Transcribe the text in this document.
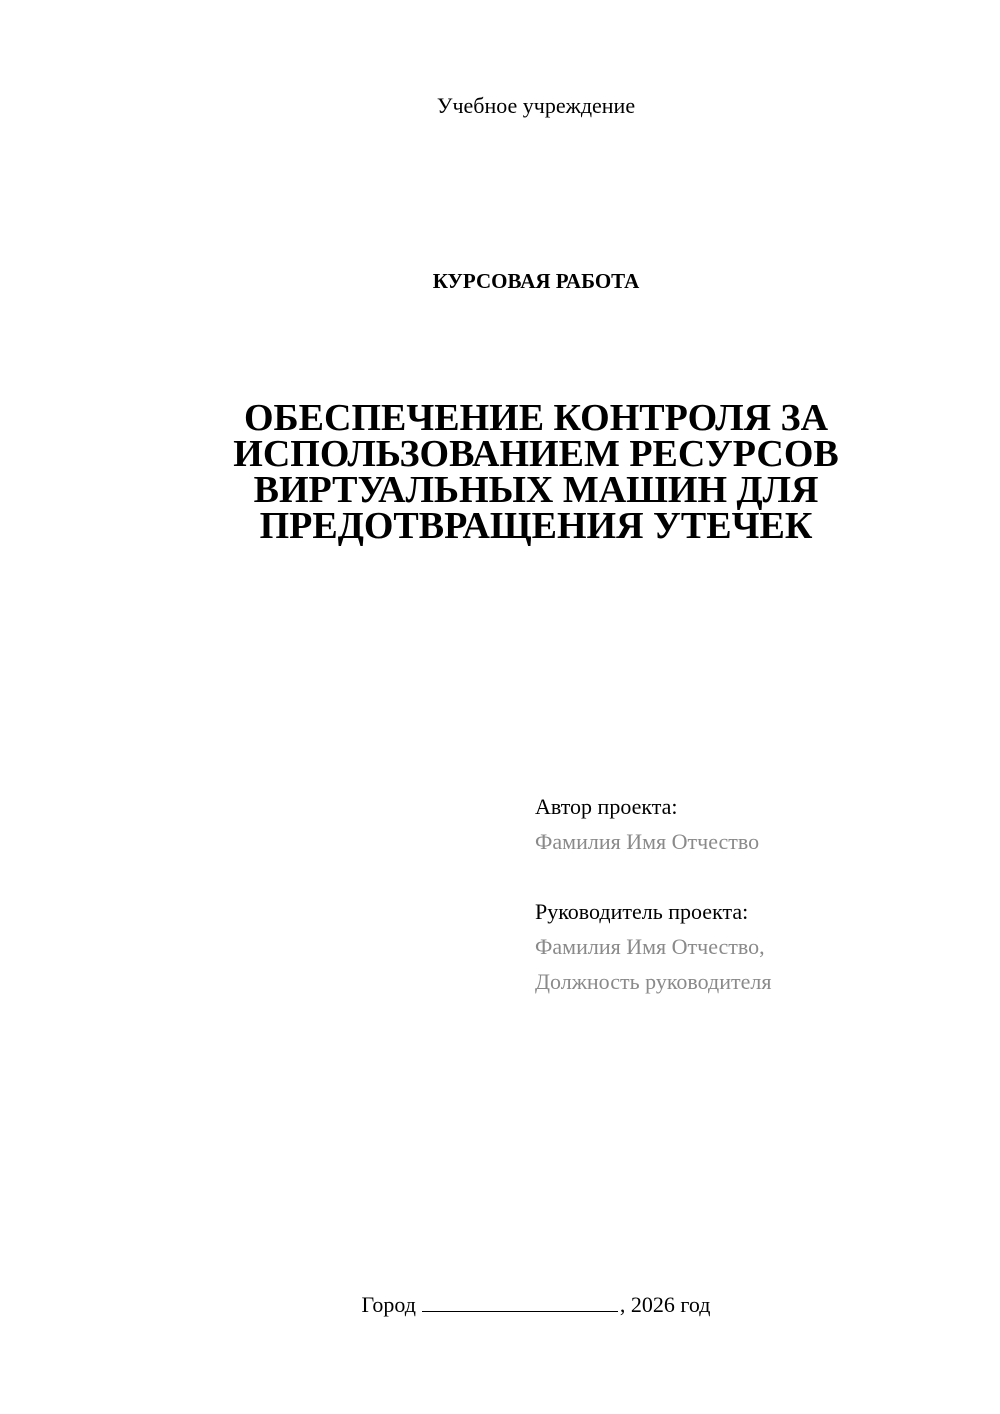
Учебное учреждение
КУРСОВАЯ РАБОТА
ОБЕСПЕЧЕНИЕ КОНТРОЛЯ ЗА
ИСПОЛЬЗОВАНИЕМ РЕСУРСОВ
ВИРТУАЛЬНЫХ МАШИН ДЛЯ
ПРЕДОТВРАЩЕНИЯ УТЕЧЕК
Автор проекта:
Фамилия Имя Отчество
Руководитель проекта:
Фамилия Имя Отчество,
Должность руководителя
Город	, 2026 год
